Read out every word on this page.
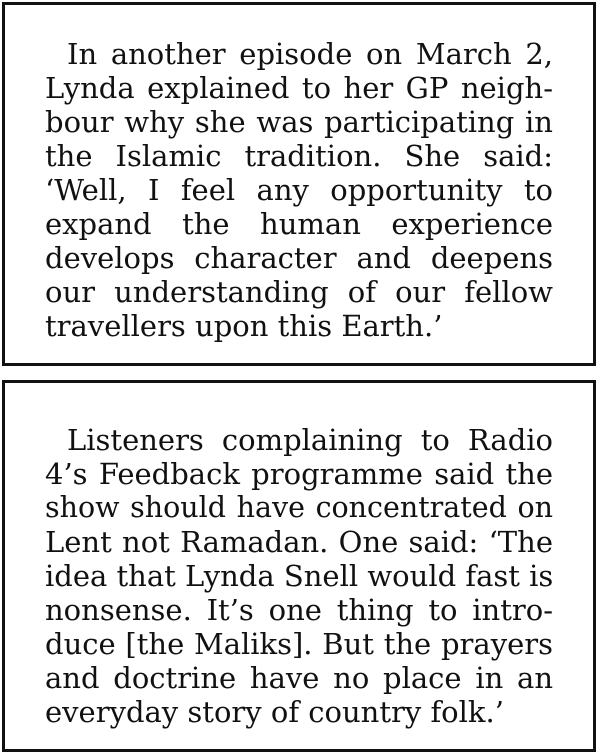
In another episode on March 2,
Lynda explained to her GP neigh-
bour why she was participating in
the Islamic tradition. She said:
‘Well, I feel any opportunity to
expand the human experience
develops character and deepens
our understanding of our fellow
travellers upon this Earth.’
Listeners complaining to Radio
4’s Feedback programme said the
show should have concentrated on
Lent not Ramadan. One said: ‘The
idea that Lynda Snell would fast is
nonsense. It’s one thing to intro-
duce [the Maliks]. But the prayers
and doctrine have no place in an
everyday story of country folk.’
